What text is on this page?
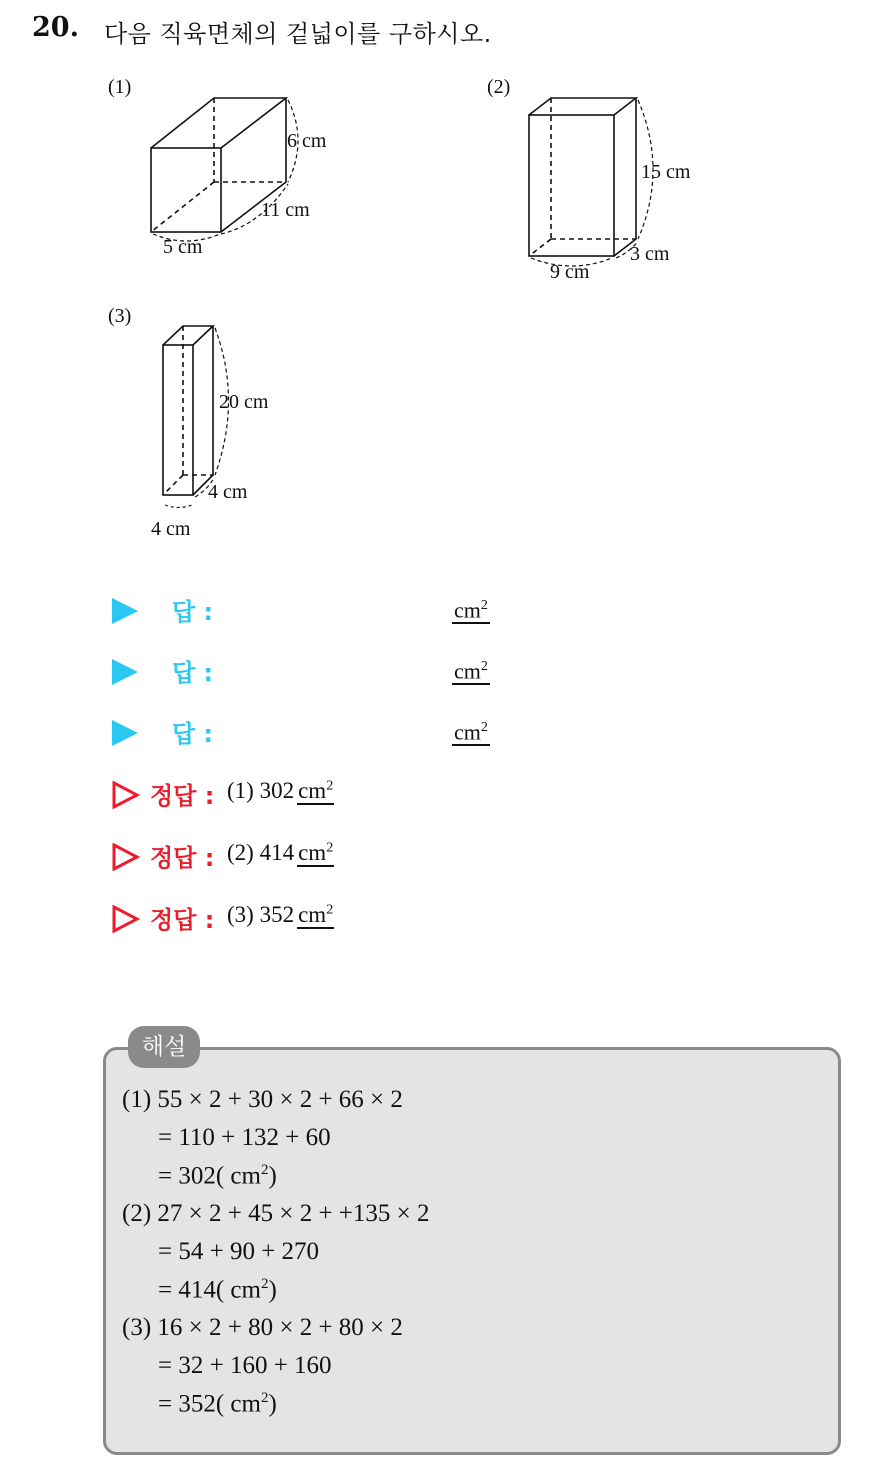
20. 다음 직육면체의 겉넓이를 구하시오.
(1)	(2)
(3)
6 cm
11 cm
5 cm
15 cm
3 cm
9 cm
20 cm
4 cm
4 cm
답 :	$cm^2$
답 :	$cm^2$
답 :	$cm^2$
정답 : (1) 302 $cm^2$
정답 : (2) 414 $cm^2$
정답 : (3) 352 $cm^2$
해설
(1) 55 × 2 + 30 × 2 + 66 × 2
= 110 + 132 + 60
= 302( $cm^2$)
(2) 27 × 2 + 45 × 2 + +135 × 2
= 54 + 90 + 270
= 414( $cm^2$)
(3) 16 × 2 + 80 × 2 + 80 × 2
= 32 + 160 + 160
= 352( $cm^2$)
